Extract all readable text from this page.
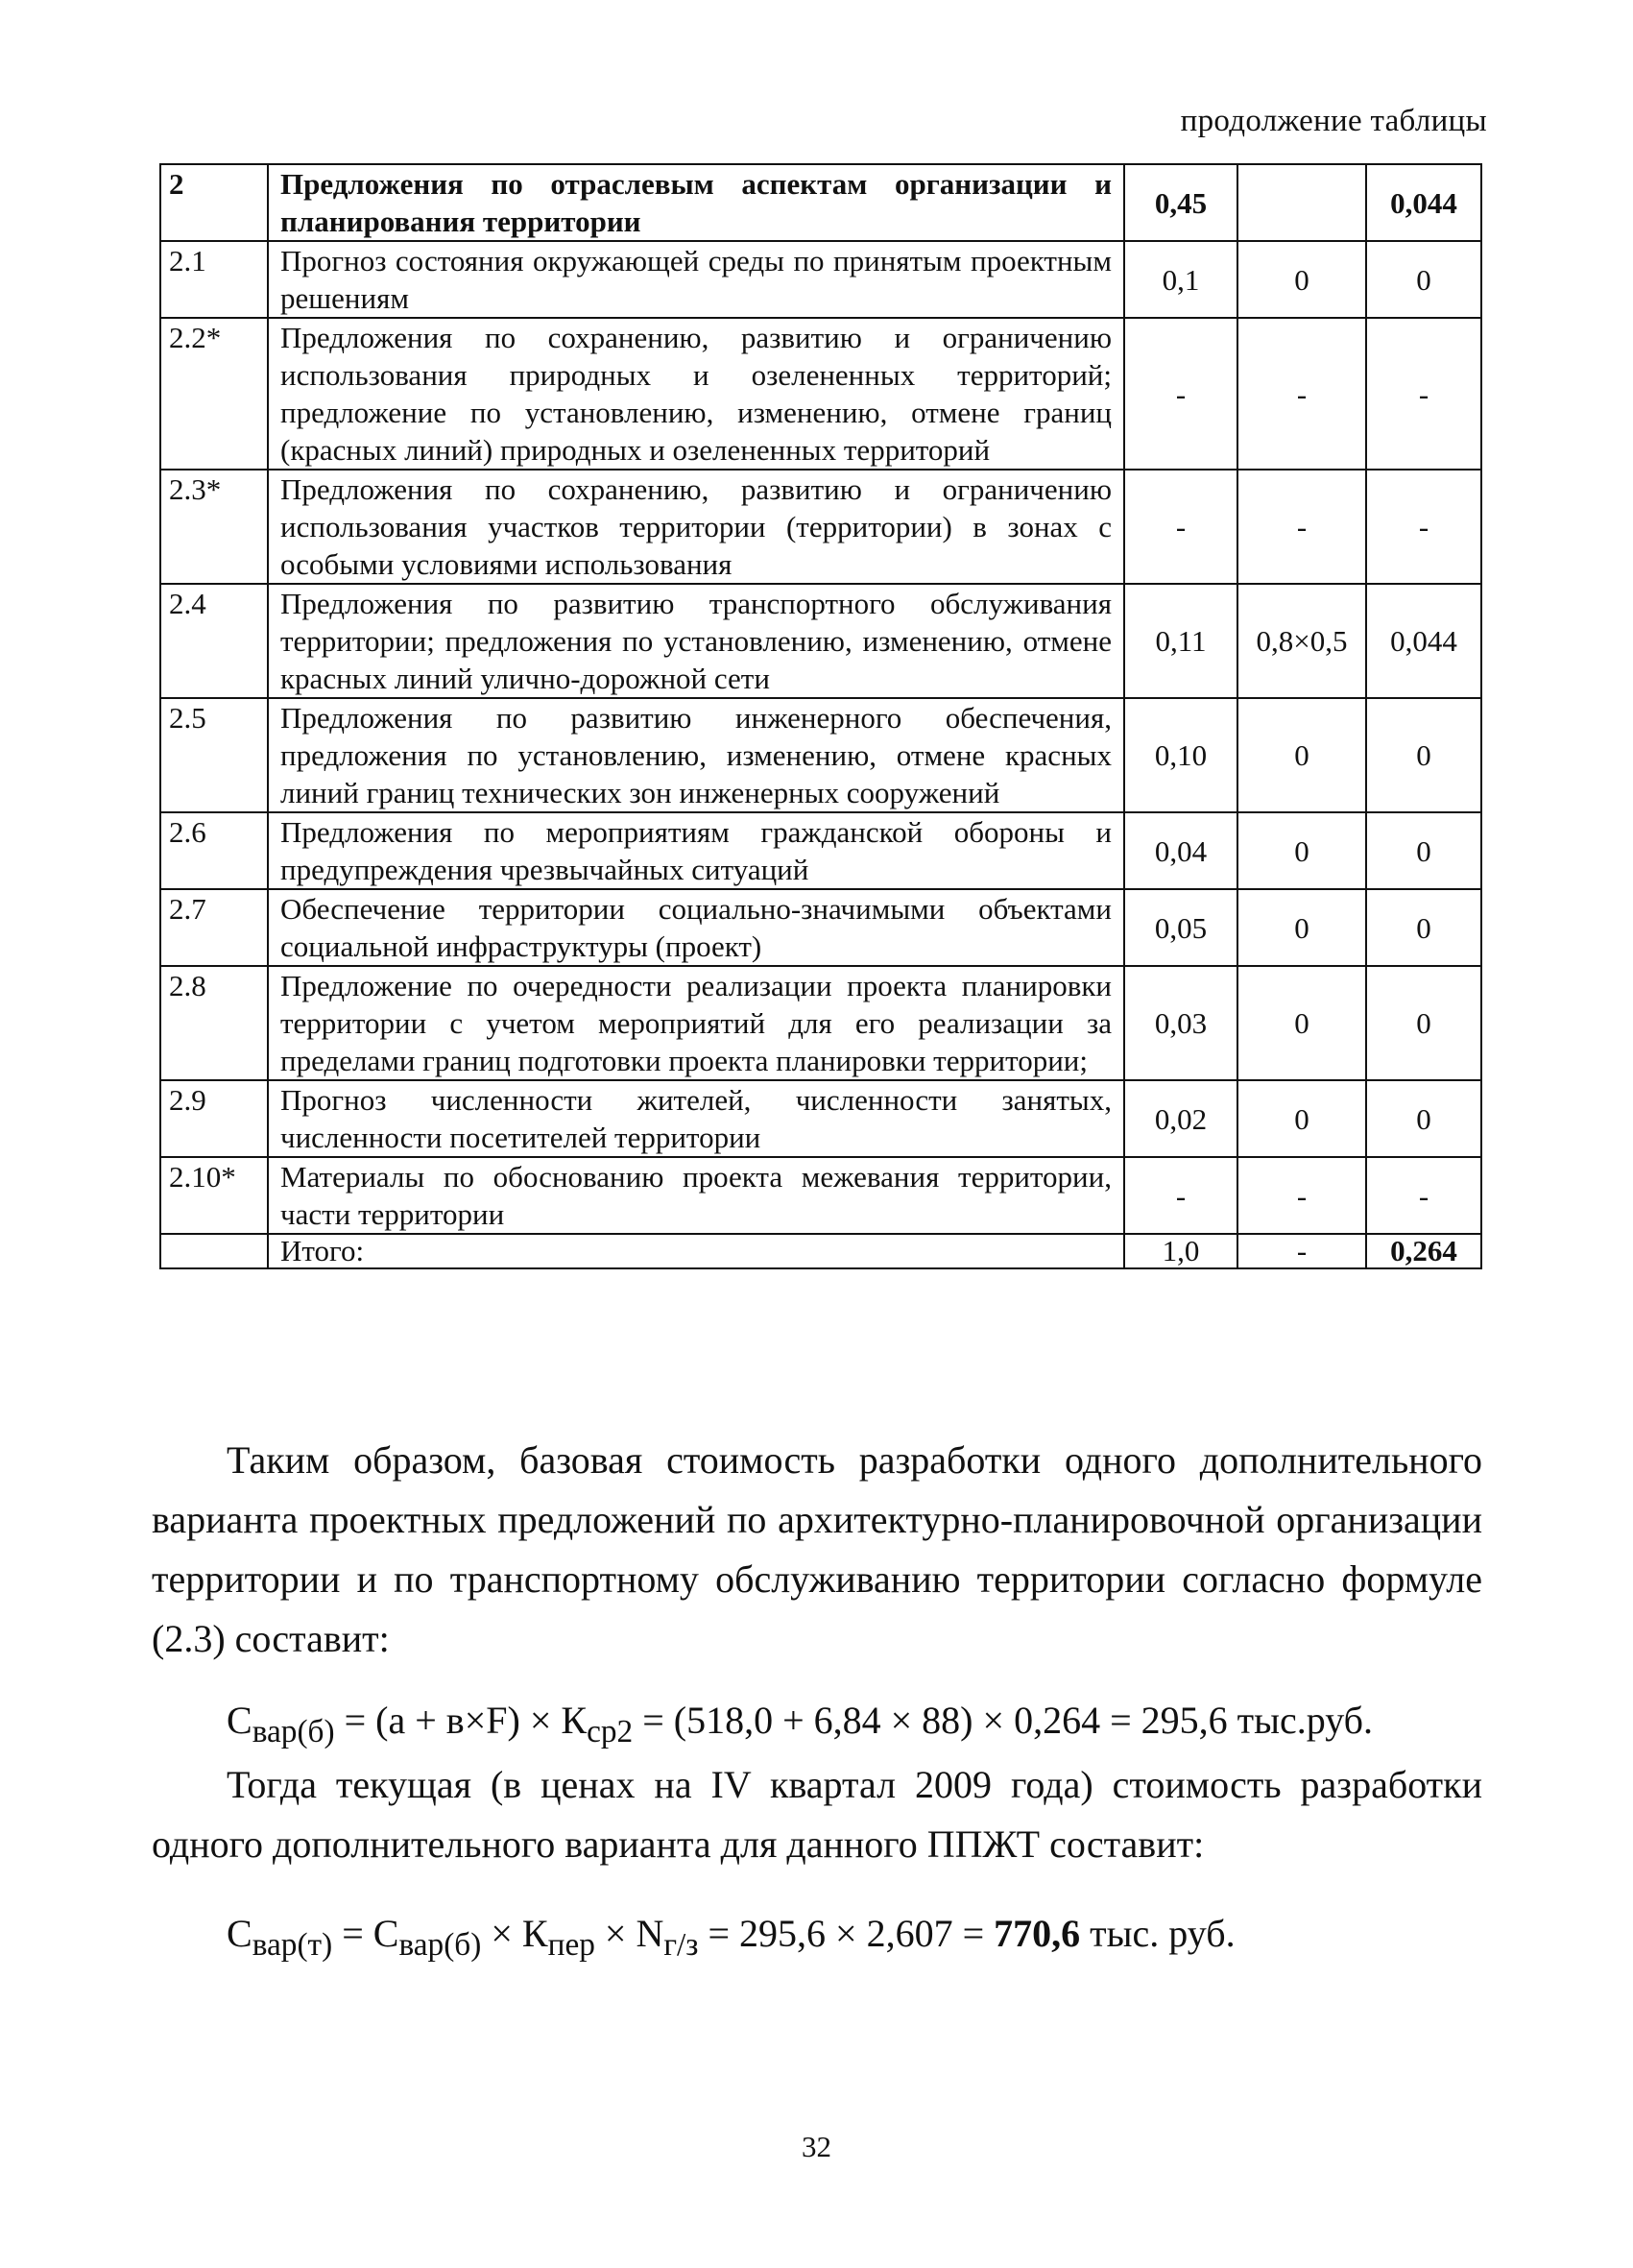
продолжение таблицы
2	Предложения по отраслевым аспектам организации и планирования территории	0,45		0,044
2.1	Прогноз состояния окружающей среды по принятым проектным решениям	0,1	0	0
2.2*	Предложения по сохранению, развитию и ограничению использования природных и озелененных территорий; предложение по установлению, изменению, отмене границ (красных линий) природных и озелененных территорий	-	-	-
2.3*	Предложения по сохранению, развитию и ограничению использования участков территории (территории) в зонах с особыми условиями использования	-	-	-
2.4	Предложения по развитию транспортного обслуживания территории; предложения по установлению, изменению, отмене красных линий улично-дорожной сети	0,11	0,8×0,5	0,044
2.5	Предложения по развитию инженерного обеспечения, предложения по установлению, изменению, отмене красных линий границ технических зон инженерных сооружений	0,10	0	0
2.6	Предложения по мероприятиям гражданской обороны и предупреждения чрезвычайных ситуаций	0,04	0	0
2.7	Обеспечение территории социально-значимыми объектами социальной инфраструктуры (проект)	0,05	0	0
2.8	Предложение по очередности реализации проекта планировки территории с учетом мероприятий для его реализации за пределами границ подготовки проекта планировки территории;	0,03	0	0
2.9	Прогноз численности жителей, численности занятых, численности посетителей территории	0,02	0	0
2.10*	Материалы по обоснованию проекта межевания территории, части территории	-	-	-
	Итого:	1,0	-	0,264

Таким образом, базовая стоимость разработки одного дополнительного варианта проектных предложений по архитектурно-планировочной организации территории и по транспортному обслуживанию территории согласно формуле (2.3) составит:

$С_{вар(б)} = (а + в\times F) \times К_{ср2} = (518,0 + 6,84 \times 88) \times 0,264 = 295,6$ тыс.руб.

Тогда текущая (в ценах на IV квартал 2009 года) стоимость разработки одного дополнительного варианта для данного ППЖТ составит:

$С_{вар(т)} = С_{вар(б)} \times К_{пер} \times N_{г/з} = 295,6 \times 2,607 = 770,6$ тыс. руб.

32
